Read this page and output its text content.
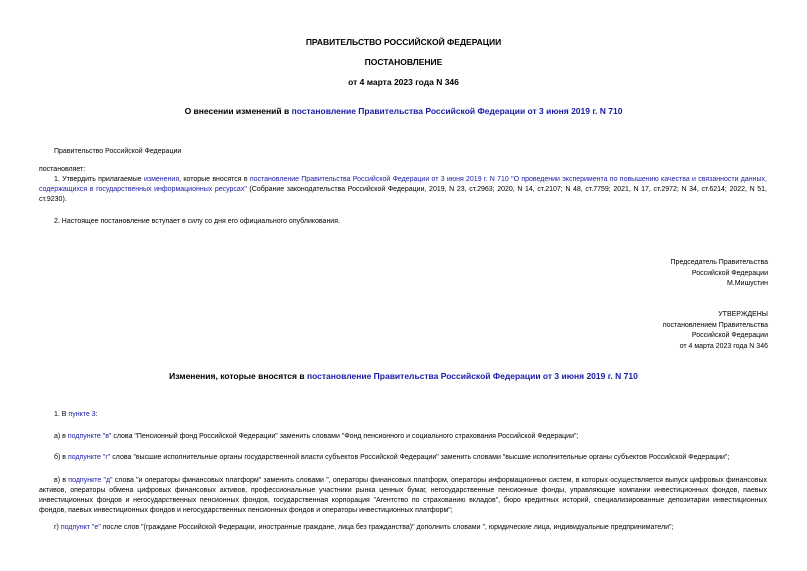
ПРАВИТЕЛЬСТВО РОССИЙСКОЙ ФЕДЕРАЦИИ
ПОСТАНОВЛЕНИЕ
от 4 марта 2023 года N 346
О внесении изменений в постановление Правительства Российской Федерации от 3 июня 2019 г. N 710
Правительство Российской Федерации
постановляет:
1. Утвердить прилагаемые изменения, которые вносятся в постановление Правительства Российской Федерации от 3 июня 2019 г. N 710 "О проведении эксперимента по повышению качества и связанности данных, содержащихся в государственных информационных ресурсах" (Собрание законодательства Российской Федерации, 2019, N 23, ст.2963; 2020, N 14, ст.2107; N 48, ст.7759; 2021, N 17, ст.2972; N 34, ст.6214; 2022, N 51, ст.9230).
2. Настоящее постановление вступает в силу со дня его официального опубликования.
Председатель Правительства
Российской Федерации
М.Мишустин
УТВЕРЖДЕНЫ
постановлением Правительства
Российской Федерации
от 4 марта 2023 года N 346
Изменения, которые вносятся в постановление Правительства Российской Федерации от 3 июня 2019 г. N 710
1. В пункте 3:
а) в подпункте "в" слова "Пенсионный фонд Российской Федерации" заменить словами "Фонд пенсионного и социального страхования Российской Федерации";
б) в подпункте "г" слова "высшие исполнительные органы государственной власти субъектов Российской Федерации" заменить словами "высшие исполнительные органы субъектов Российской Федерации";
в) в подпункте "д" слова "и операторы финансовых платформ" заменить словами ", операторы финансовых платформ, операторы информационных систем, в которых осуществляется выпуск цифровых финансовых активов, операторы обмена цифровых финансовых активов, профессиональные участники рынка ценных бумаг, негосударственные пенсионные фонды, управляющие компании инвестиционных фондов, паевых инвестиционных фондов и негосударственных пенсионных фондов, государственная корпорация "Агентство по страхованию вкладов", бюро кредитных историй, специализированные депозитарии инвестиционных фондов, паевых инвестиционных фондов и негосударственных пенсионных фондов и операторы инвестиционных платформ";
г) подпункт "е" после слов "(граждане Российской Федерации, иностранные граждане, лица без гражданства)" дополнить словами ", юридические лица, индивидуальные предприниматели";
